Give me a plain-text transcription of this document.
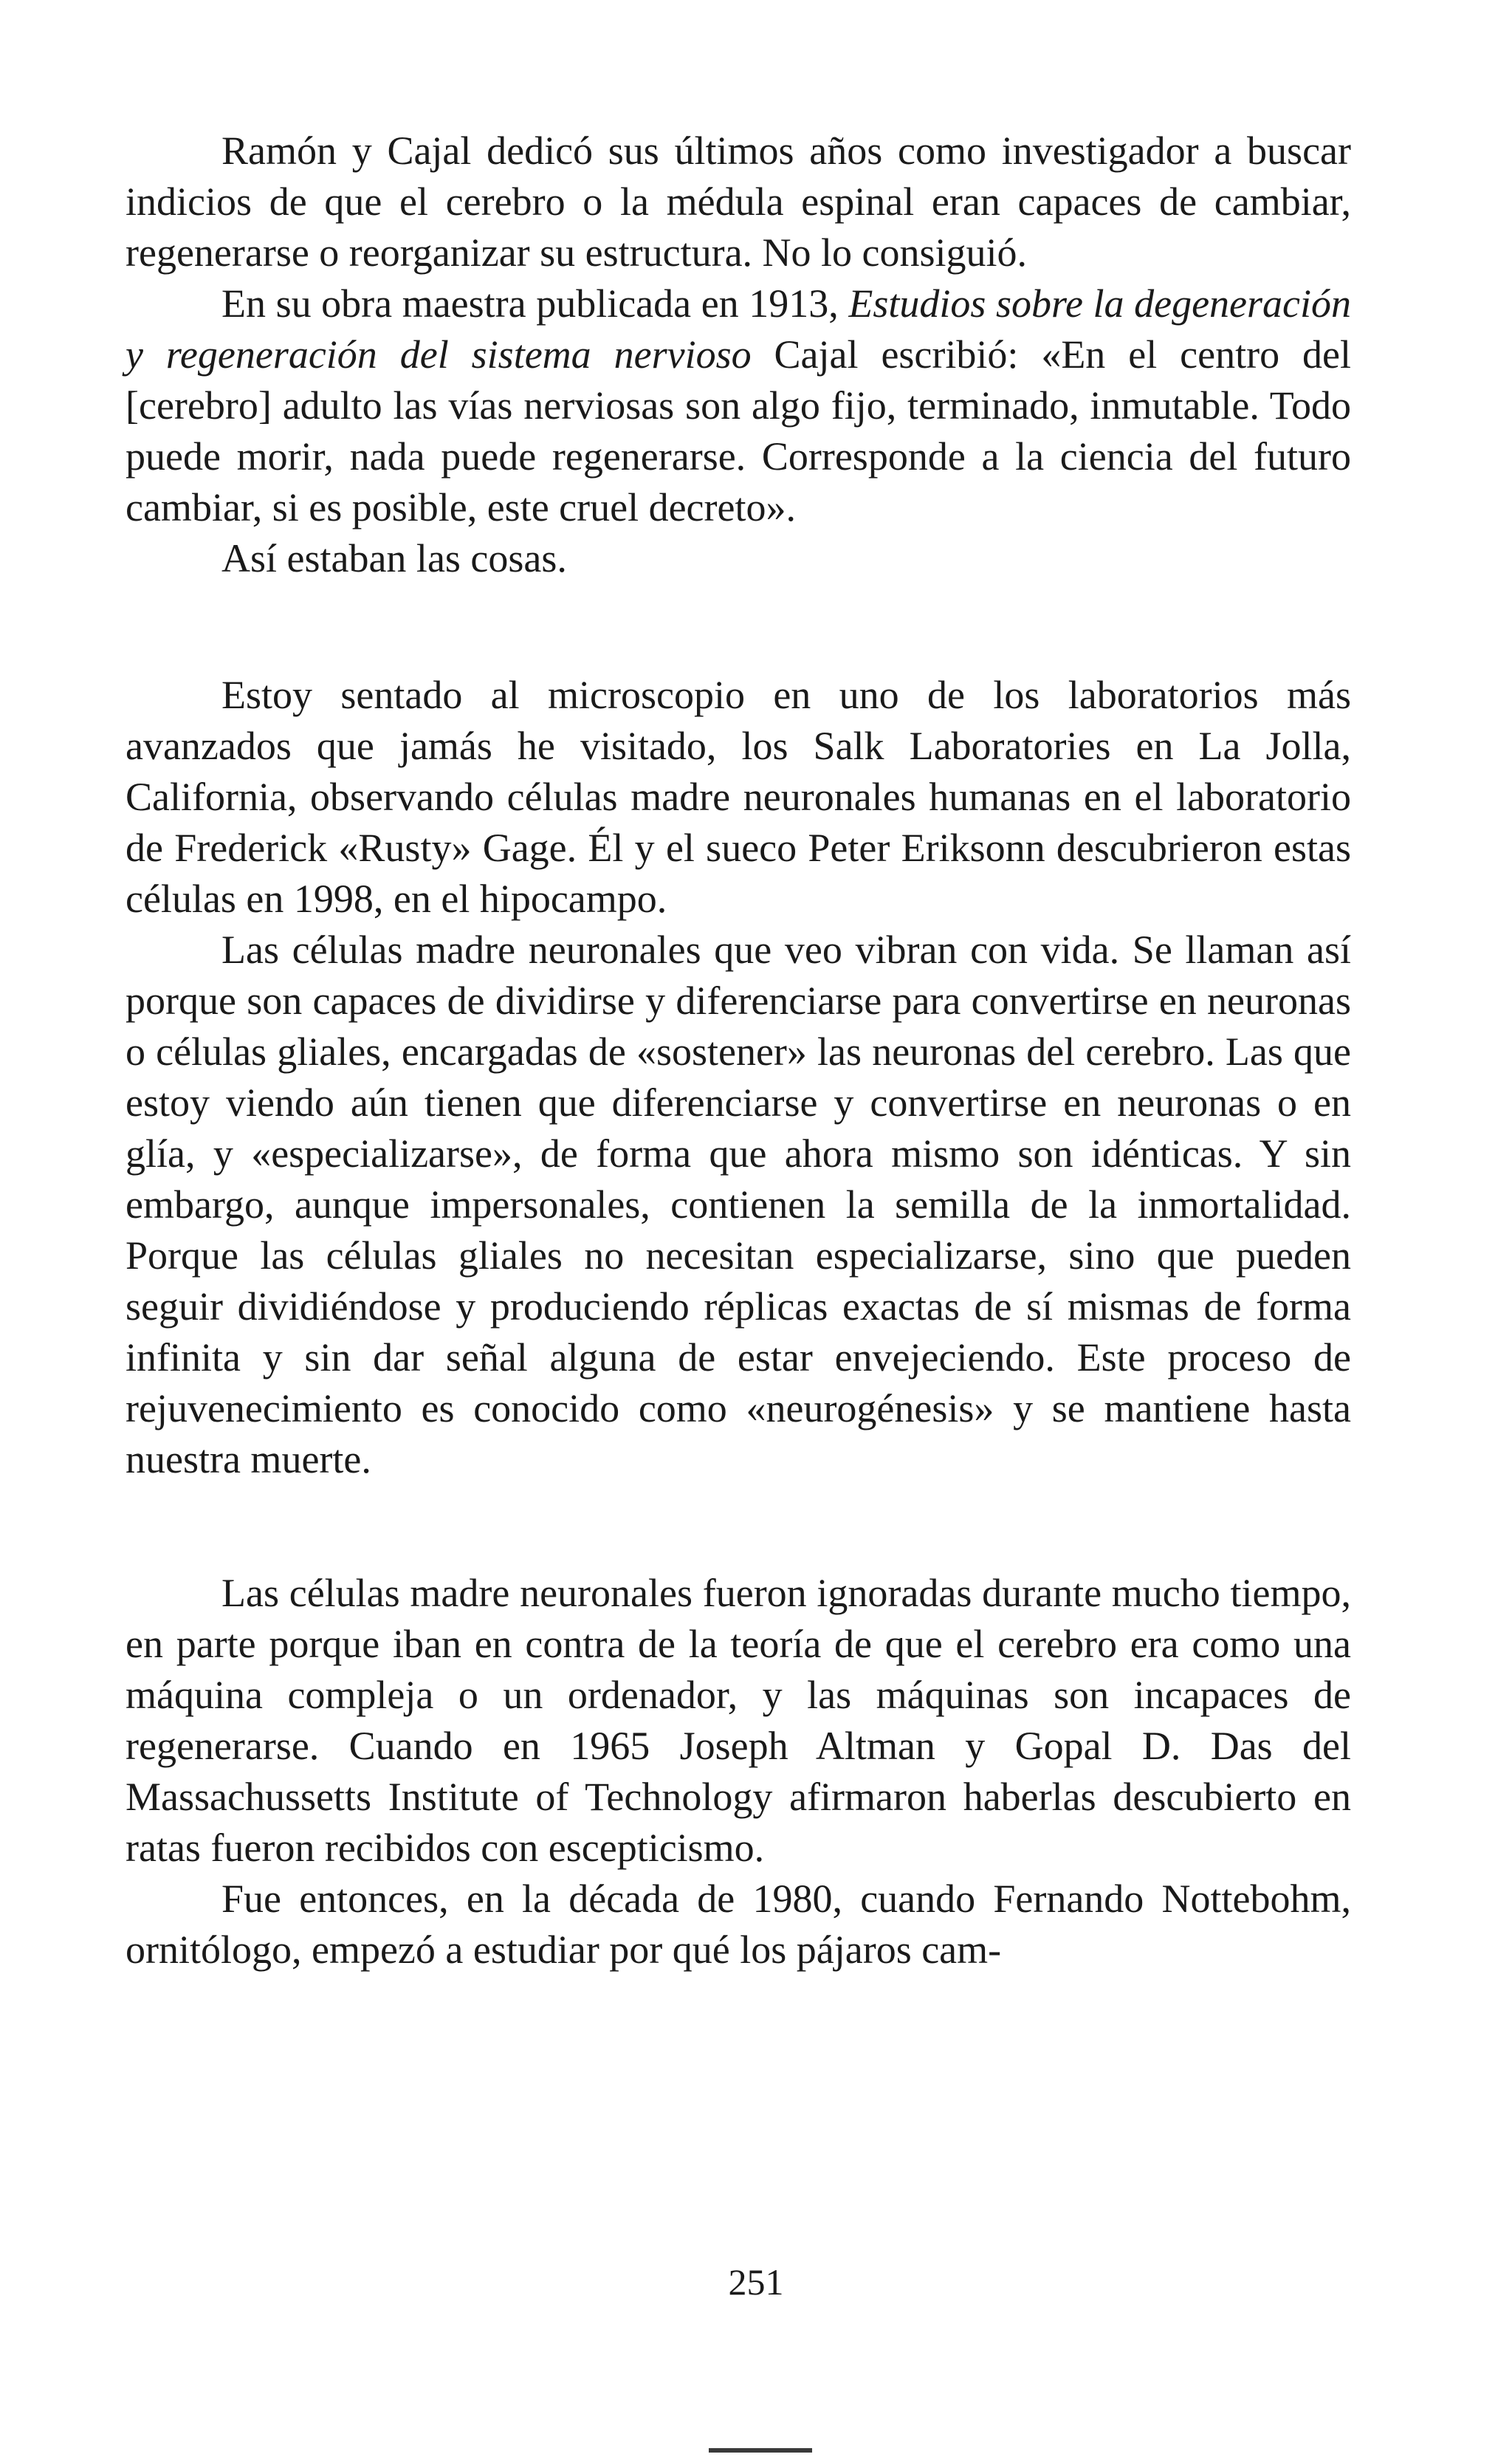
Ramón y Cajal dedicó sus últimos años como investigador a buscar indicios de que el cerebro o la médula espinal eran capaces de cambiar, regenerarse o reorganizar su estructura. No lo consiguió.

En su obra maestra publicada en 1913, Estudios sobre la degeneración y regeneración del sistema nervioso Cajal escribió: «En el centro del [cerebro] adulto las vías nerviosas son algo fijo, terminado, inmutable. Todo puede morir, nada puede regenerarse. Corresponde a la ciencia del futuro cambiar, si es posible, este cruel decreto».

Así estaban las cosas.

Estoy sentado al microscopio en uno de los laboratorios más avanzados que jamás he visitado, los Salk Laboratories en La Jolla, California, observando células madre neuronales humanas en el laboratorio de Frederick «Rusty» Gage. Él y el sueco Peter Eriksonn descubrieron estas células en 1998, en el hipocampo.

Las células madre neuronales que veo vibran con vida. Se llaman así porque son capaces de dividirse y diferenciarse para convertirse en neuronas o células gliales, encargadas de «sostener» las neuronas del cerebro. Las que estoy viendo aún tienen que diferenciarse y convertirse en neuronas o en glía, y «especializarse», de forma que ahora mismo son idénticas. Y sin embargo, aunque impersonales, contienen la semilla de la inmortalidad. Porque las células gliales no necesitan especializarse, sino que pueden seguir dividiéndose y produciendo réplicas exactas de sí mismas de forma infinita y sin dar señal alguna de estar envejeciendo. Este proceso de rejuvenecimiento es conocido como «neurogénesis» y se mantiene hasta nuestra muerte.

Las células madre neuronales fueron ignoradas durante mucho tiempo, en parte porque iban en contra de la teoría de que el cerebro era como una máquina compleja o un ordenador, y las máquinas son incapaces de regenerarse. Cuando en 1965 Joseph Altman y Gopal D. Das del Massachussetts Institute of Technology afirmaron haberlas descubierto en ratas fueron recibidos con escepticismo.

Fue entonces, en la década de 1980, cuando Fernando Nottebohm, ornitólogo, empezó a estudiar por qué los pájaros cam-

251
